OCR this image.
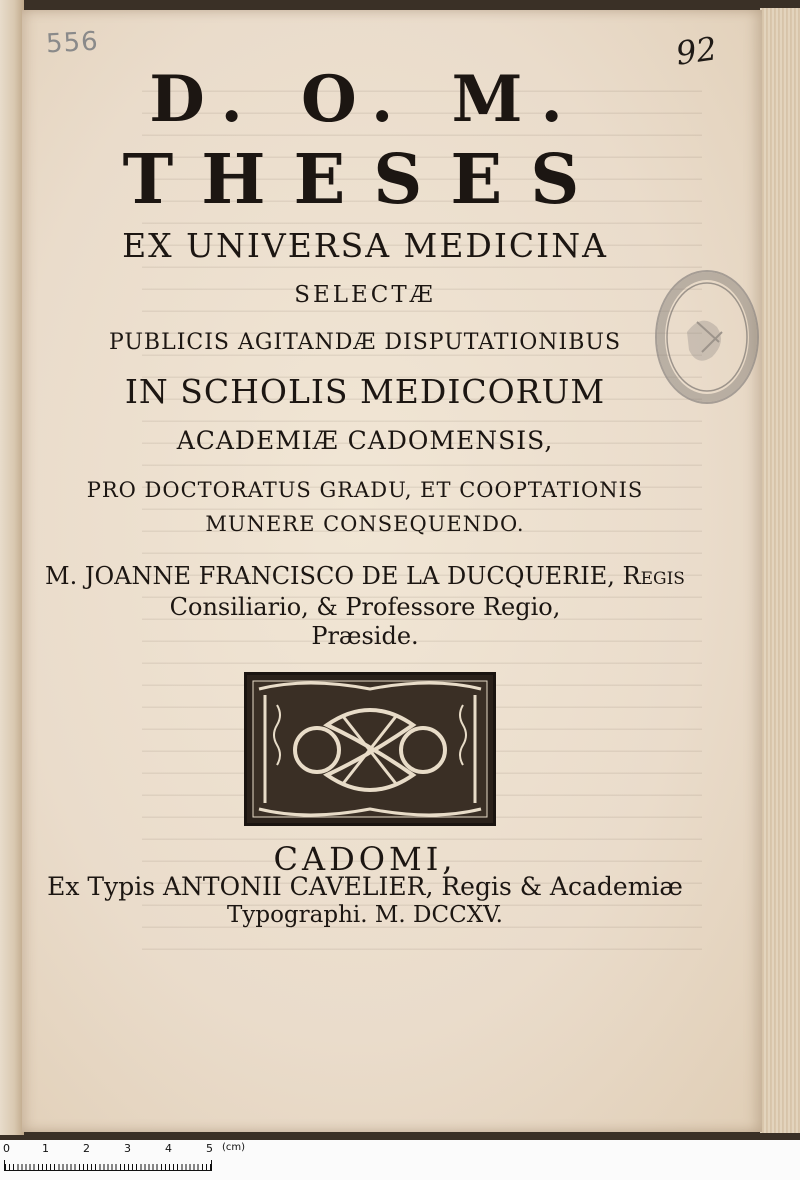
556	92
D. O. M.
THESES
EX UNIVERSA MEDICINA
SELECTÆ
PUBLICIS AGITANDÆ DISPUTATIONIBUS
IN SCHOLIS MEDICORUM
ACADEMIÆ CADOMENSIS,
PRO DOCTORATUS GRADU, ET COOPTATIONIS
MUNERE CONSEQUENDO.
M. JOANNE FRANCISCO DE LA DUCQUERIE, Regis
Consiliario, & Professore Regio,
Præside.
CADOMI,
Ex Typis ANTONII CAVELIER, Regis & Academiæ
Typographi. M. DCCXV.
0	1	2	3	4	5 (cm)
